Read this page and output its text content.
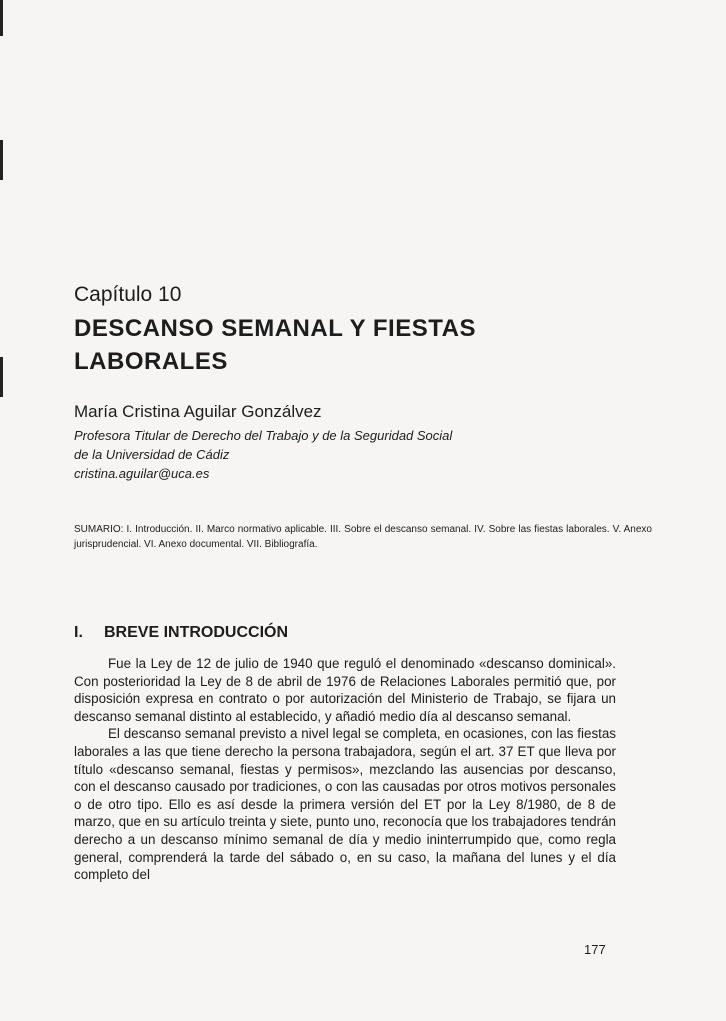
Capítulo 10
DESCANSO SEMANAL Y FIESTAS LABORALES
María Cristina Aguilar Gonzálvez
Profesora Titular de Derecho del Trabajo y de la Seguridad Social
de la Universidad de Cádiz
cristina.aguilar@uca.es
SUMARIO: I. Introducción. II. Marco normativo aplicable. III. Sobre el descanso semanal. IV. Sobre las fiestas laborales. V. Anexo jurisprudencial. VI. Anexo documental. VII. Bibliografía.
I. BREVE INTRODUCCIÓN

Fue la Ley de 12 de julio de 1940 que reguló el denominado «descanso dominical». Con posterioridad la Ley de 8 de abril de 1976 de Relaciones Laborales permitió que, por disposición expresa en contrato o por autorización del Ministerio de Trabajo, se fijara un descanso semanal distinto al establecido, y añadió medio día al descanso semanal.

El descanso semanal previsto a nivel legal se completa, en ocasiones, con las fiestas laborales a las que tiene derecho la persona trabajadora, según el art. 37 ET que lleva por título «descanso semanal, fiestas y permisos», mezclando las ausencias por descanso, con el descanso causado por tradiciones, o con las causadas por otros motivos personales o de otro tipo. Ello es así desde la primera versión del ET por la Ley 8/1980, de 8 de marzo, que en su artículo treinta y siete, punto uno, reconocía que los trabajadores tendrán derecho a un descanso mínimo semanal de día y medio ininterrumpido que, como regla general, comprenderá la tarde del sábado o, en su caso, la mañana del lunes y el día completo del

177
